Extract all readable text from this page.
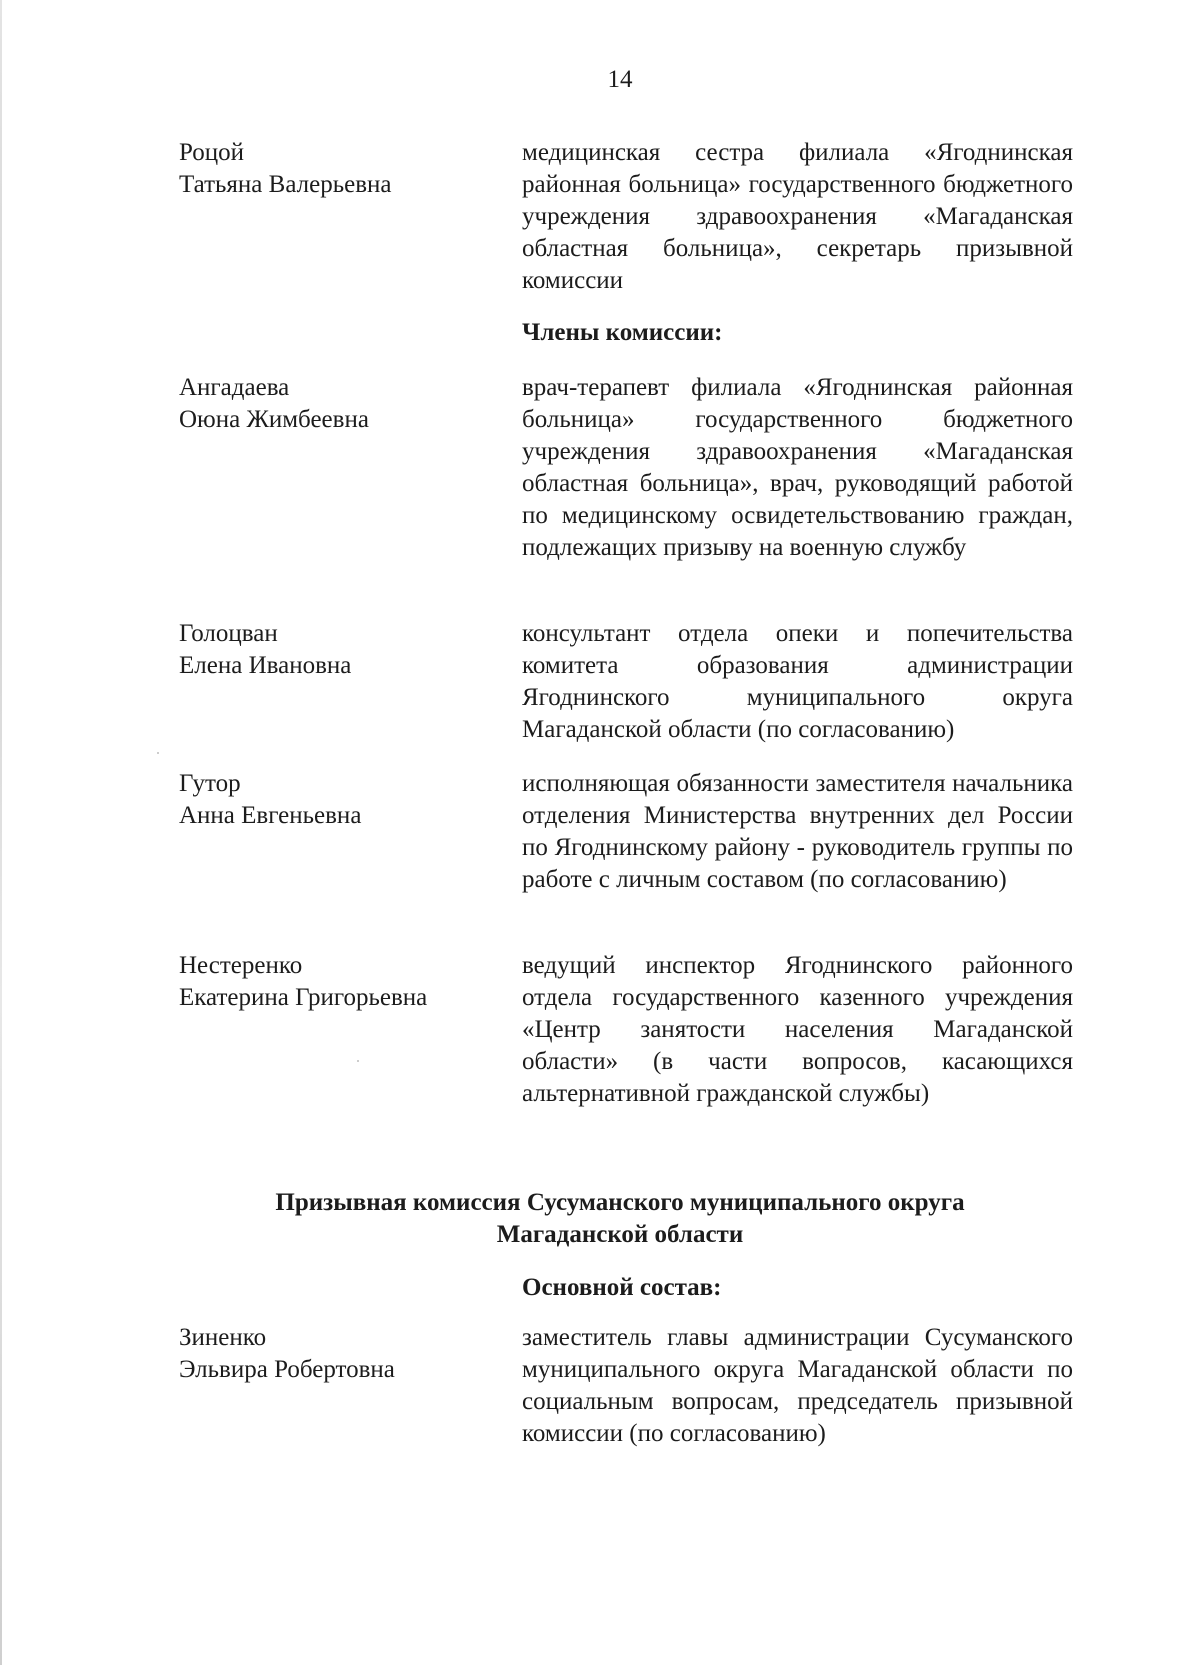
14
Роцой
Татьяна Валерьевна
медицинская сестра филиала «Ягоднинская районная больница» государственного бюджетного учреждения здравоохранения «Магаданская областная больница», секретарь призывной комиссии
Члены комиссии:
Ангадаева
Оюна Жимбеевна
врач-терапевт филиала «Ягоднинская районная больница» государственного бюджетного учреждения здравоохранения «Магаданская областная больница», врач, руководящий работой по медицинскому освидетельствованию граждан, подлежащих призыву на военную службу
Голоцван
Елена Ивановна
консультант отдела опеки и попечительства комитета образования администрации Ягоднинского муниципального округа Магаданской области (по согласованию)
Гутор
Анна Евгеньевна
исполняющая обязанности заместителя начальника отделения Министерства внутренних дел России по Ягоднинскому району - руководитель группы по работе с личным составом (по согласованию)
Нестеренко
Екатерина Григорьевна
ведущий инспектор Ягоднинского районного отдела государственного казенного учреждения «Центр занятости населения Магаданской области» (в части вопросов, касающихся альтернативной гражданской службы)
Призывная комиссия Сусуманского муниципального округа
Магаданской области
Основной состав:
Зиненко
Эльвира Робертовна
заместитель главы администрации Сусуманского муниципального округа Магаданской области по социальным вопросам, председатель призывной комиссии (по согласованию)
